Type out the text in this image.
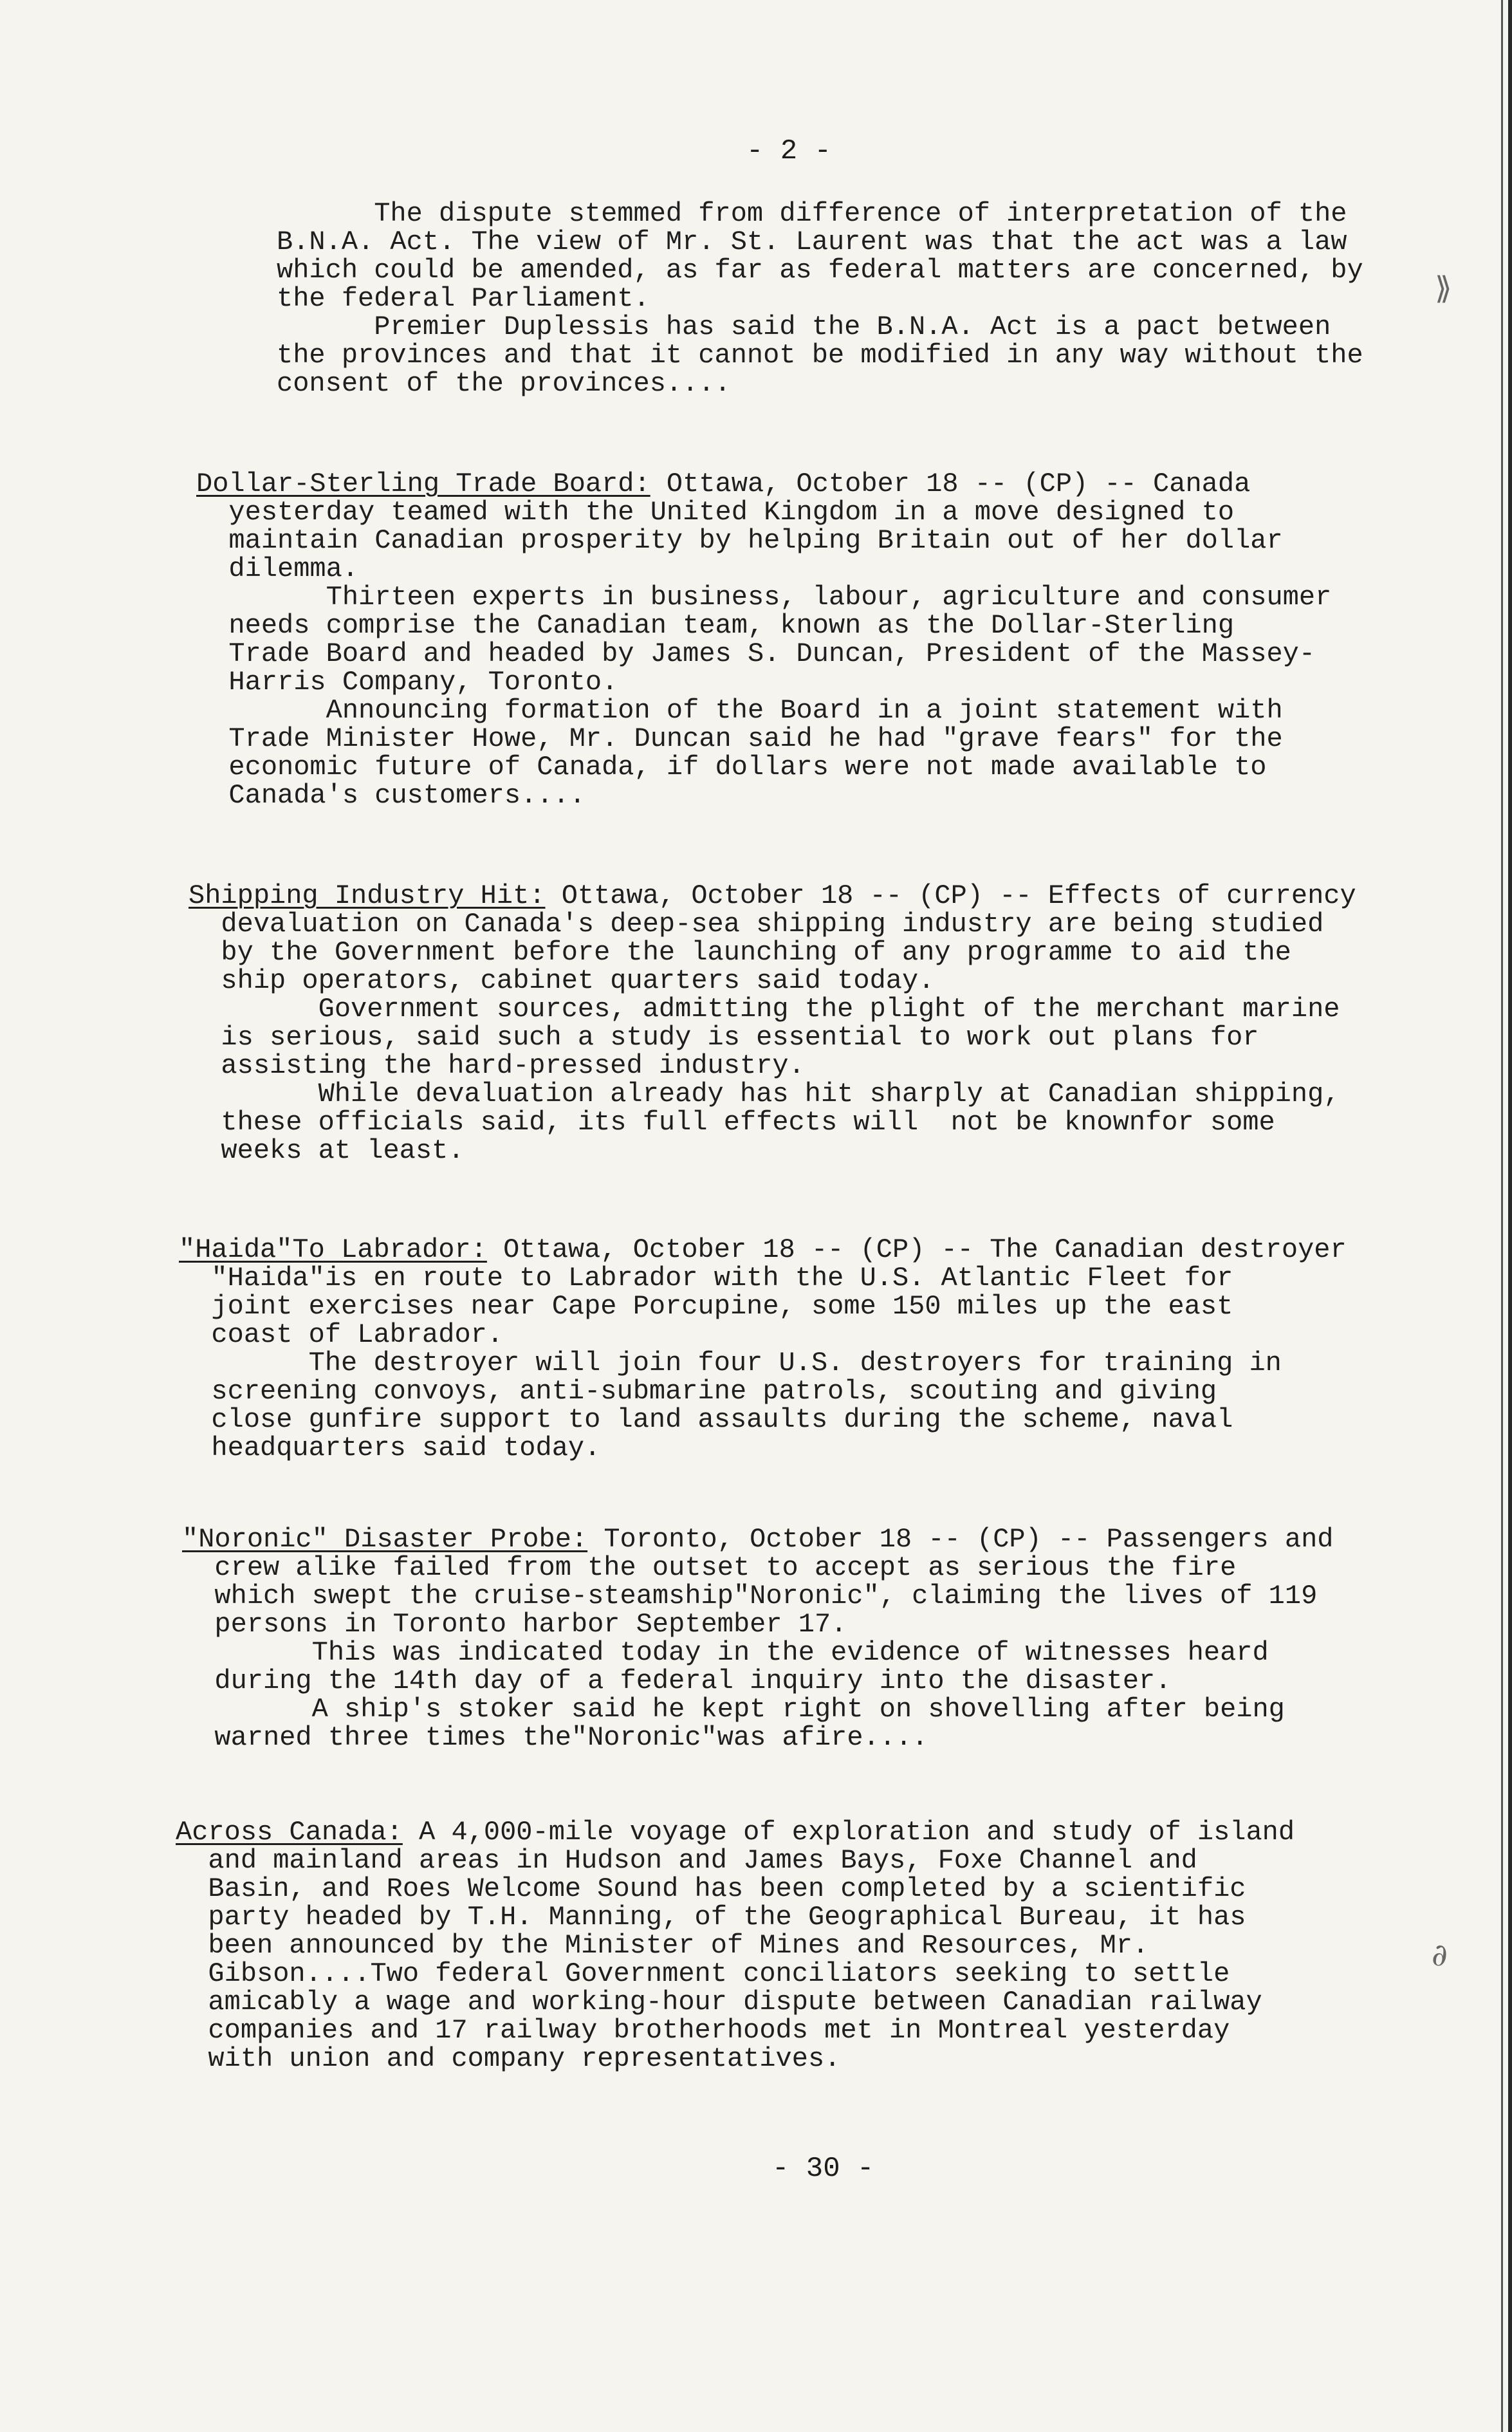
- 2 -

The dispute stemmed from difference of interpretation of the

B.N.A. Act. The view of Mr. St. Laurent was that the act was a law

which could be amended, as far as federal matters are concerned, by

the federal Parliament.

Premier Duplessis has said the B.N.A. Act is a pact between

the provinces and that it cannot be modified in any way without the

consent of the provinces....

Dollar-Sterling Trade Board: Ottawa, October 18 -- (CP) -- Canada

yesterday teamed with the United Kingdom in a move designed to

maintain Canadian prosperity by helping Britain out of her dollar

dilemma.

Thirteen experts in business, labour, agriculture and consumer

needs comprise the Canadian team, known as the Dollar-Sterling

Trade Board and headed by James S. Duncan, President of the Massey-

Harris Company, Toronto.

Announcing formation of the Board in a joint statement with

Trade Minister Howe, Mr. Duncan said he had "grave fears" for the

economic future of Canada, if dollars were not made available to

Canada's customers....

Shipping Industry Hit: Ottawa, October 18 -- (CP) -- Effects of currency

devaluation on Canada's deep-sea shipping industry are being studied

by the Government before the launching of any programme to aid the

ship operators, cabinet quarters said today.

Government sources, admitting the plight of the merchant marine

is serious, said such a study is essential to work out plans for

assisting the hard-pressed industry.

While devaluation already has hit sharply at Canadian shipping,

these officials said, its full effects will  not be knownfor some

weeks at least.

"Haida"To Labrador: Ottawa, October 18 -- (CP) -- The Canadian destroyer

"Haida"is en route to Labrador with the U.S. Atlantic Fleet for

joint exercises near Cape Porcupine, some 150 miles up the east

coast of Labrador.

The destroyer will join four U.S. destroyers for training in

screening convoys, anti-submarine patrols, scouting and giving

close gunfire support to land assaults during the scheme, naval

headquarters said today.

"Noronic" Disaster Probe: Toronto, October 18 -- (CP) -- Passengers and

crew alike failed from the outset to accept as serious the fire

which swept the cruise-steamship"Noronic", claiming the lives of 119

persons in Toronto harbor September 17.

This was indicated today in the evidence of witnesses heard

during the 14th day of a federal inquiry into the disaster.

A ship's stoker said he kept right on shovelling after being

warned three times the"Noronic"was afire....

Across Canada: A 4,000-mile voyage of exploration and study of island

and mainland areas in Hudson and James Bays, Foxe Channel and

Basin, and Roes Welcome Sound has been completed by a scientific

party headed by T.H. Manning, of the Geographical Bureau, it has

been announced by the Minister of Mines and Resources, Mr.

Gibson....Two federal Government conciliators seeking to settle

amicably a wage and working-hour dispute between Canadian railway

companies and 17 railway brotherhoods met in Montreal yesterday

with union and company representatives.

- 30 -
⟫
∂
